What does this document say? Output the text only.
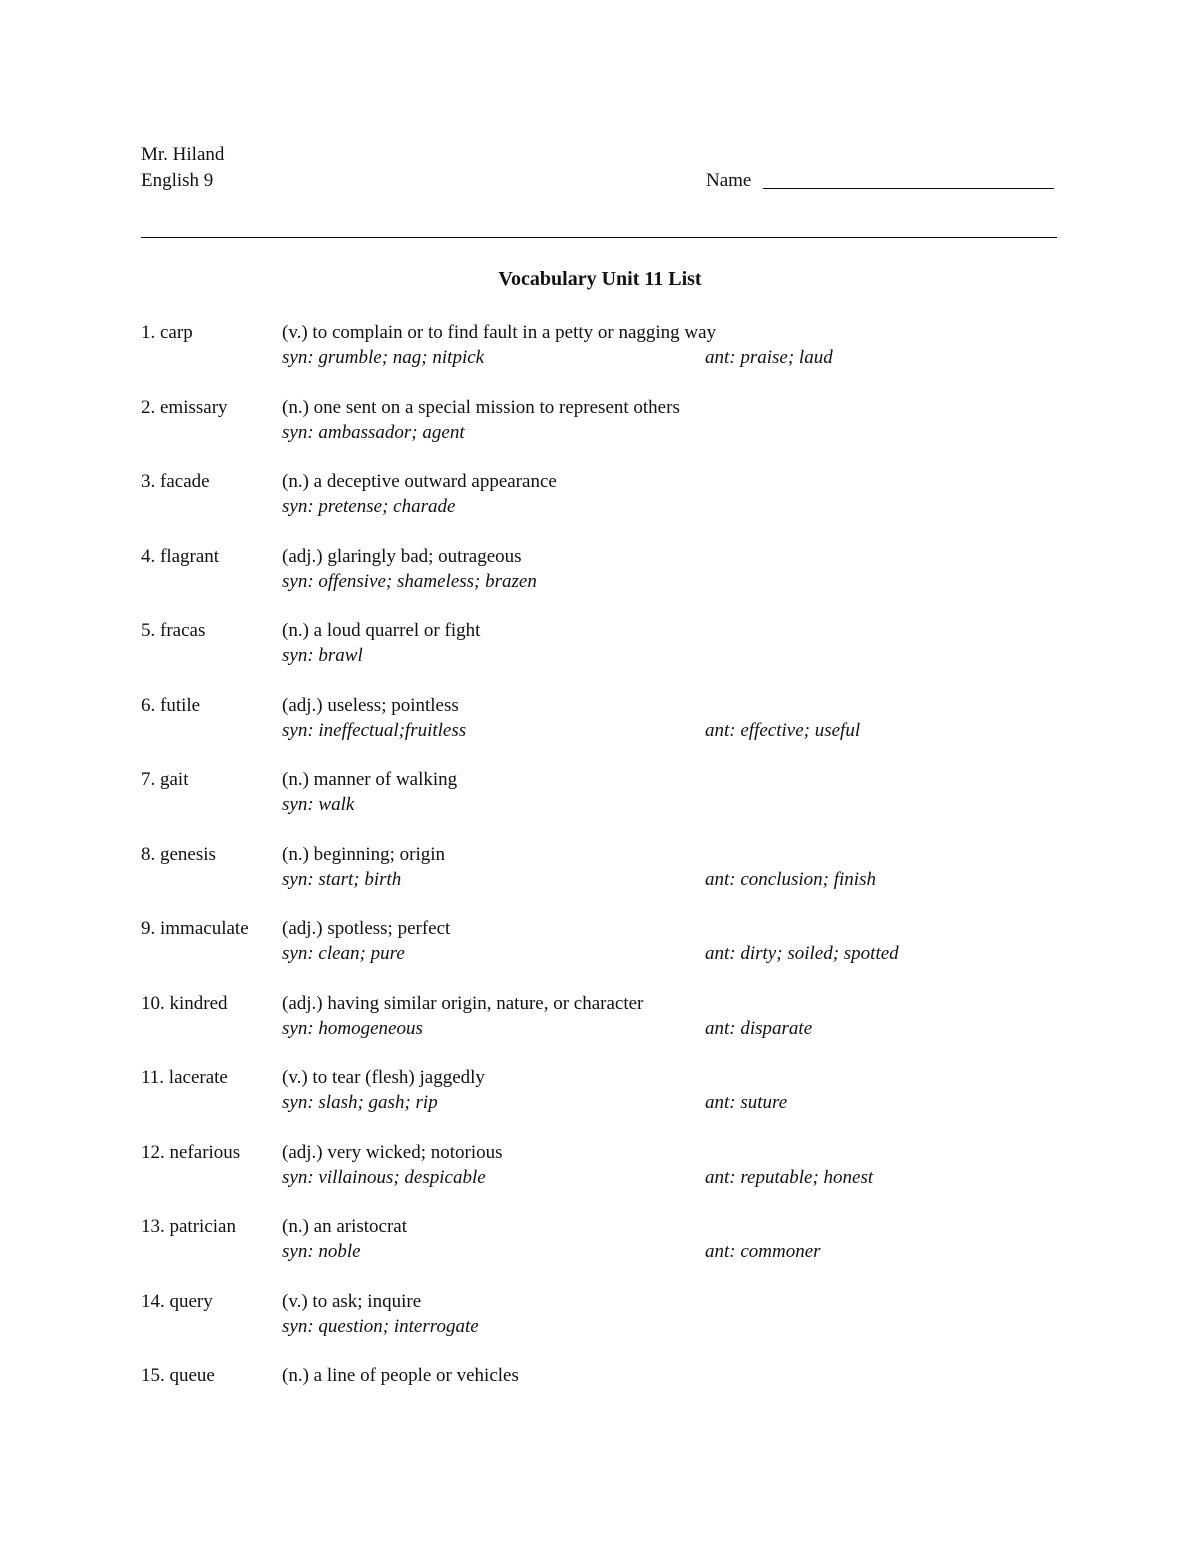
Mr. Hiland
English 9	Name
Vocabulary Unit 11 List
1. carp	(v.) to complain or to find fault in a petty or nagging way
syn: grumble; nag; nitpick	ant: praise; laud
2. emissary	(n.) one sent on a special mission to represent others
syn: ambassador; agent
3. facade	(n.) a deceptive outward appearance
syn: pretense; charade
4. flagrant	(adj.) glaringly bad; outrageous
syn: offensive; shameless; brazen
5. fracas	(n.) a loud quarrel or fight
syn: brawl
6. futile	(adj.) useless; pointless
syn: ineffectual;fruitless	ant: effective; useful
7. gait	(n.) manner of walking
syn: walk
8. genesis	(n.) beginning; origin
syn: start; birth	ant: conclusion; finish
9. immaculate (adj.) spotless; perfect
syn: clean; pure	ant: dirty; soiled; spotted
10. kindred	(adj.) having similar origin, nature, or character
syn: homogeneous	ant: disparate
11. lacerate	(v.) to tear (flesh) jaggedly
syn: slash; gash; rip	ant: suture
12. nefarious (adj.) very wicked; notorious
syn: villainous; despicable	ant: reputable; honest
13. patrician (n.) an aristocrat
syn: noble	ant: commoner
14. query	(v.) to ask; inquire
syn: question; interrogate
15. queue	(n.) a line of people or vehicles
